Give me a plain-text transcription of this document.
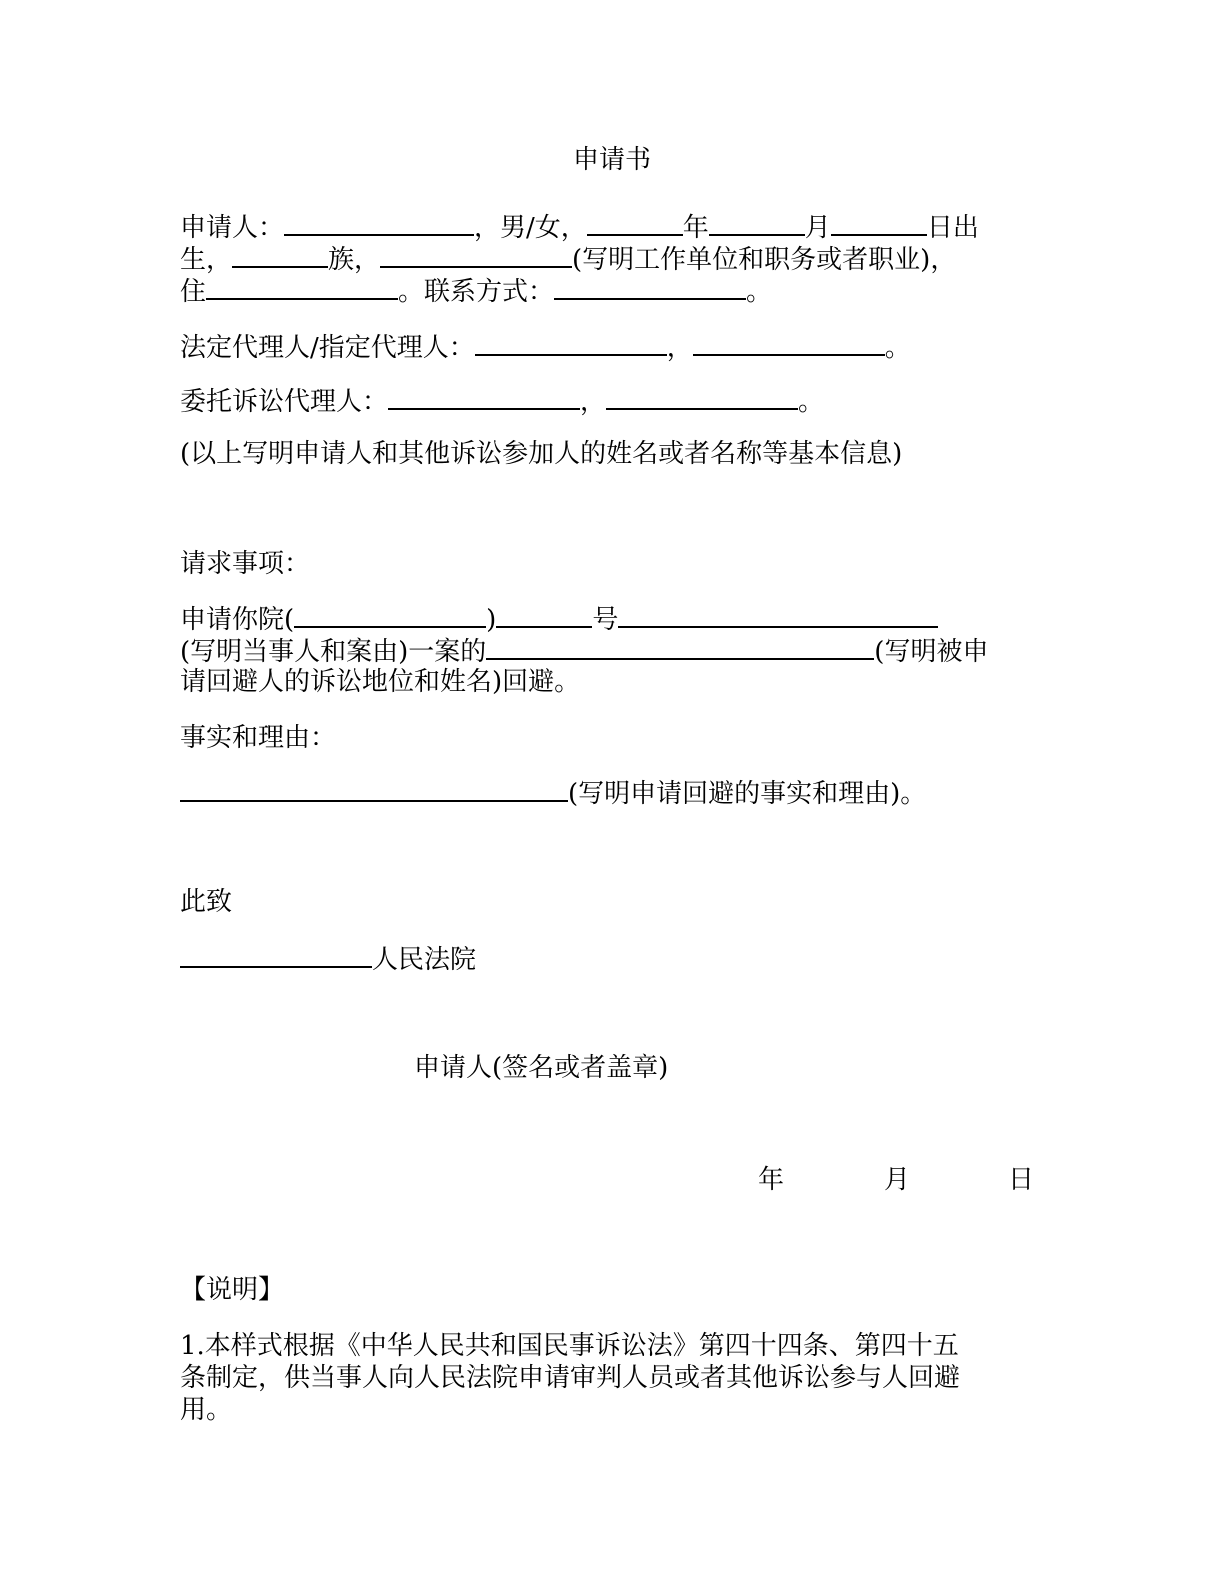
申请书
申请人：	，男/女，	年	月	日出
生，	族，	(写明工作单位和职务或者职业)，
住	。联系方式：	。
法定代理人/指定代理人：	，	。
委托诉讼代理人：	，	。
(以上写明申请人和其他诉讼参加人的姓名或者名称等基本信息)
请求事项：
申请你院(	)	号
(写明当事人和案由)一案的	(写明被申
请回避人的诉讼地位和姓名)回避。
事实和理由：
(写明申请回避的事实和理由)。
此致
人民法院
申请人(签名或者盖章)
年	月	日
【说明】
1.本样式根据《中华人民共和国民事诉讼法》第四十四条、第四十五
条制定，供当事人向人民法院申请审判人员或者其他诉讼参与人回避
用。
